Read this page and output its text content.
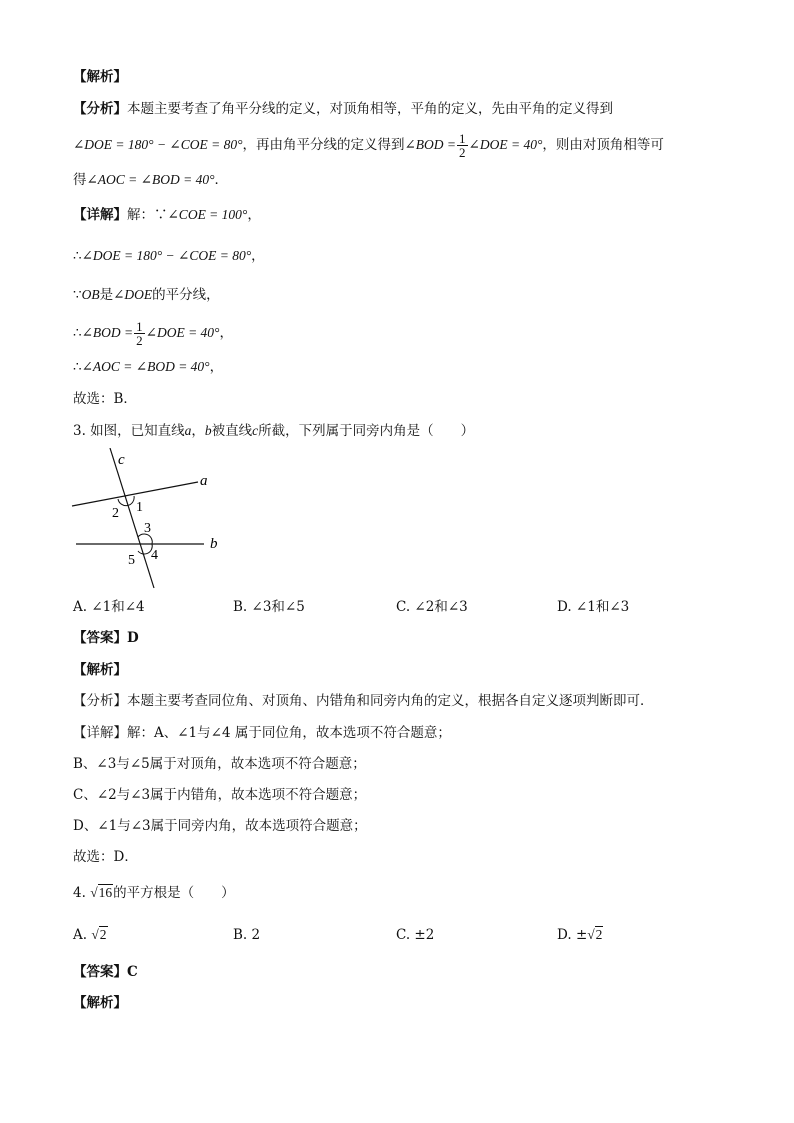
【解析】
【分析】本题主要考查了角平分线的定义，对顶角相等，平角的定义，先由平角的定义得到
∠DOE = 180° − ∠COE = 80°，再由角平分线的定义得到∠BOD = $\frac{1}{2}$ ∠DOE = 40°，则由对顶角相等可
得∠AOC = ∠BOD = 40°．
【详解】解：∵∠COE = 100°，
∴∠DOE = 180° − ∠COE = 80°，
∵OB是∠DOE的平分线，
∴∠BOD = $\frac{1}{2}$ ∠DOE = 40°，
∴∠AOC = ∠BOD = 40°，
故选：B．
3. 如图，已知直线a，b被直线c所截，下列属于同旁内角是（　　）
c
a
b
1
2
3
4
5
A. ∠1和∠4	B. ∠3和∠5	C. ∠2和∠3	D. ∠1和∠3
【答案】D
【解析】
【分析】本题主要考查同位角、对顶角、内错角和同旁内角的定义，根据各自定义逐项判断即可．
【详解】解：A、∠1与∠4 属于同位角，故本选项不符合题意；
B、∠3与∠5属于对顶角，故本选项不符合题意；
C、∠2与∠3属于内错角，故本选项不符合题意；
D、∠1与∠3属于同旁内角，故本选项符合题意；
故选：D．
4. √16的平方根是（　　）
A. √2	B. 2	C. ±2	D. ±√2
【答案】C
【解析】
